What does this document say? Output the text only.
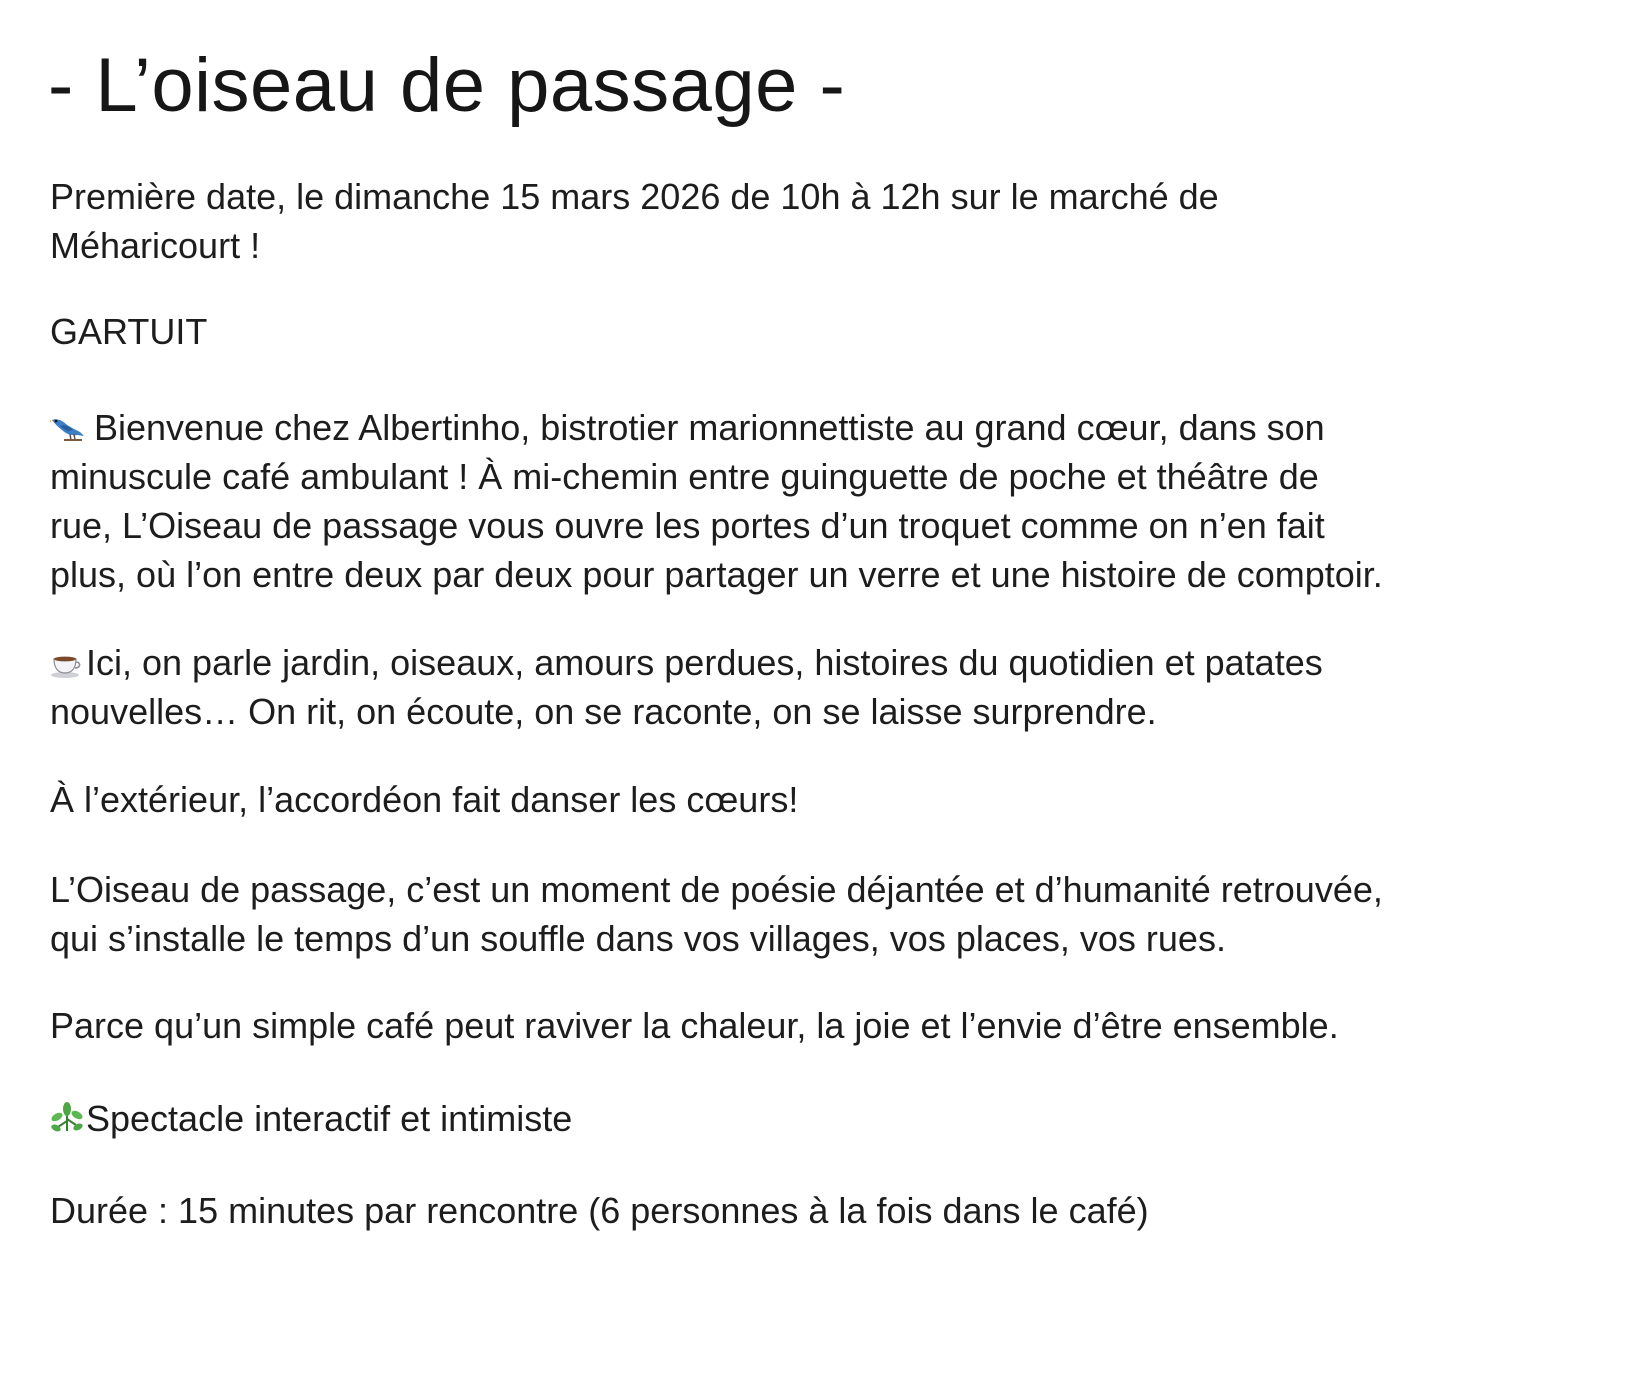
- L’oiseau de passage -

Première date, le dimanche 15 mars 2026 de 10h à 12h sur le marché de
Méharicourt !

GARTUIT

Bienvenue chez Albertinho, bistrotier marionnettiste au grand cœur, dans son
minuscule café ambulant ! À mi-chemin entre guinguette de poche et théâtre de
rue, L’Oiseau de passage vous ouvre les portes d’un troquet comme on n’en fait
plus, où l’on entre deux par deux pour partager un verre et une histoire de comptoir.

Ici, on parle jardin, oiseaux, amours perdues, histoires du quotidien et patates
nouvelles… On rit, on écoute, on se raconte, on se laisse surprendre.

À l’extérieur, l’accordéon fait danser les cœurs!

L’Oiseau de passage, c’est un moment de poésie déjantée et d’humanité retrouvée,
qui s’installe le temps d’un souffle dans vos villages, vos places, vos rues.

Parce qu’un simple café peut raviver la chaleur, la joie et l’envie d’être ensemble.

Spectacle interactif et intimiste

Durée : 15 minutes par rencontre (6 personnes à la fois dans le café)
